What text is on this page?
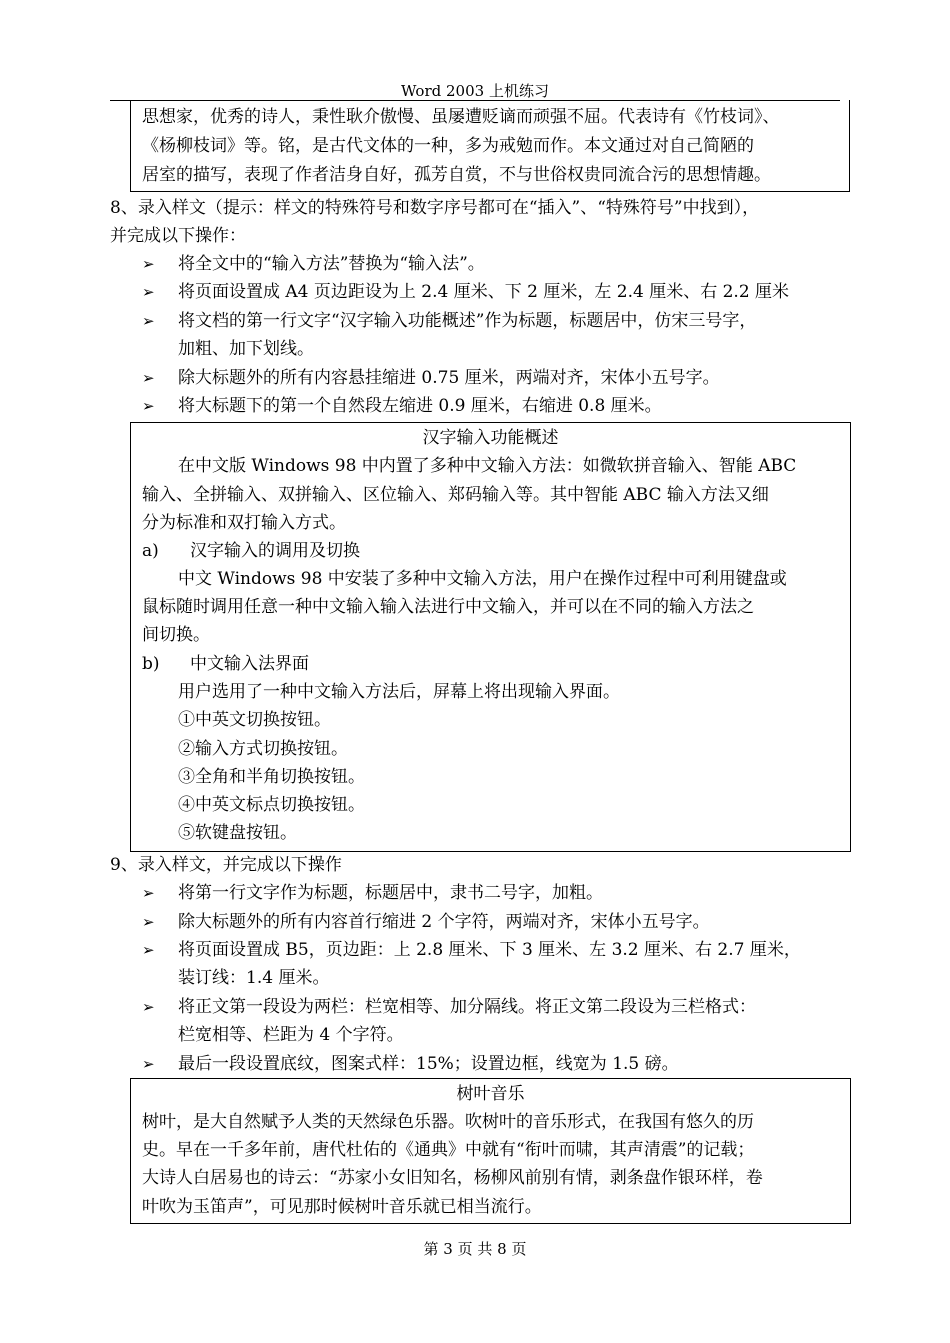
Word 2003 上机练习
思想家，优秀的诗人，秉性耿介傲慢、虽屡遭贬谪而顽强不屈。代表诗有《竹枝词》、
《杨柳枝词》等。铭，是古代文体的一种，多为戒勉而作。本文通过对自己简陋的
居室的描写，表现了作者洁身自好，孤芳自赏，不与世俗权贵同流合污的思想情趣。
8、录入样文（提示：样文的特殊符号和数字序号都可在“插入”、“特殊符号”中找到），
并完成以下操作：
➢ 将全文中的“输入方法”替换为“输入法”。
➢ 将页面设置成 A4 页边距设为上 2.4 厘米、下 2 厘米，左 2.4 厘米、右 2.2 厘米
➢ 将文档的第一行文字“汉字输入功能概述”作为标题，标题居中，仿宋三号字，
加粗、加下划线。
➢ 除大标题外的所有内容悬挂缩进 0.75 厘米，两端对齐，宋体小五号字。
➢ 将大标题下的第一个自然段左缩进 0.9 厘米，右缩进 0.8 厘米。
汉字输入功能概述
在中文版 Windows 98 中内置了多种中文输入方法：如微软拼音输入、智能 ABC
输入、全拼输入、双拼输入、区位输入、郑码输入等。其中智能 ABC 输入方法又细
分为标准和双打输入方式。
a) 汉字输入的调用及切换
中文 Windows 98 中安装了多种中文输入方法，用户在操作过程中可利用键盘或
鼠标随时调用任意一种中文输入输入法进行中文输入，并可以在不同的输入方法之
间切换。
b) 中文输入法界面
用户选用了一种中文输入方法后，屏幕上将出现输入界面。
①中英文切换按钮。
②输入方式切换按钮。
③全角和半角切换按钮。
④中英文标点切换按钮。
⑤软键盘按钮。
9、录入样文，并完成以下操作
➢ 将第一行文字作为标题，标题居中，隶书二号字，加粗。
➢ 除大标题外的所有内容首行缩进 2 个字符，两端对齐，宋体小五号字。
➢ 将页面设置成 B5，页边距：上 2.8 厘米、下 3 厘米、左 3.2 厘米、右 2.7 厘米，
装订线：1.4 厘米。
➢ 将正文第一段设为两栏：栏宽相等、加分隔线。将正文第二段设为三栏格式：
栏宽相等、栏距为 4 个字符。
➢ 最后一段设置底纹，图案式样：15%；设置边框，线宽为 1.5 磅。
树叶音乐
树叶，是大自然赋予人类的天然绿色乐器。吹树叶的音乐形式，在我国有悠久的历
史。早在一千多年前，唐代杜佑的《通典》中就有“衔叶而啸，其声清震”的记载；
大诗人白居易也的诗云：“苏家小女旧知名，杨柳风前别有情，剥条盘作银环样，卷
叶吹为玉笛声”，可见那时候树叶音乐就已相当流行。
第 3 页 共 8 页
